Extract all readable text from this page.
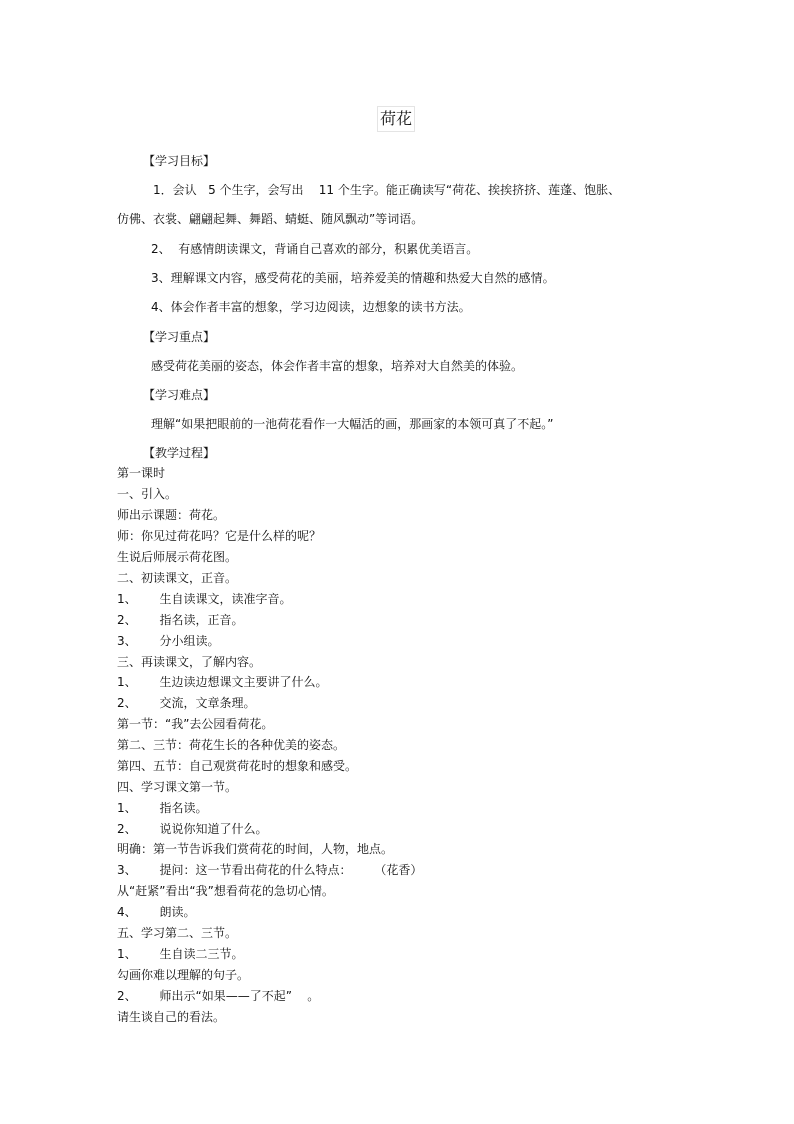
荷花
【学习目标】
1．会认   5 个生字，会写出    11 个生字。能正确读写“荷花、挨挨挤挤、莲蓬、饱胀、
仿佛、衣裳、翩翩起舞、舞蹈、蜻蜓、随风飘动”等词语。
2、  有感情朗读课文，背诵自己喜欢的部分，积累优美语言。
3、理解课文内容，感受荷花的美丽，培养爱美的情趣和热爱大自然的感情。
4、体会作者丰富的想象，学习边阅读，边想象的读书方法。
【学习重点】
感受荷花美丽的姿态，体会作者丰富的想象，培养对大自然美的体验。
【学习难点】
理解“如果把眼前的一池荷花看作一大幅活的画，那画家的本领可真了不起。”
【教学过程】
第一课时
一、引入。
师出示课题：荷花。
师：你见过荷花吗？它是什么样的呢？
生说后师展示荷花图。
二、初读课文，正音。
1、      生自读课文，读准字音。
2、      指名读，正音。
3、      分小组读。
三、再读课文，了解内容。
1、      生边读边想课文主要讲了什么。
2、      交流，文章条理。
第一节：“我”去公园看荷花。
第二、三节：荷花生长的各种优美的姿态。
第四、五节：自己观赏荷花时的想象和感受。
四、学习课文第一节。
1、      指名读。
2、      说说你知道了什么。
明确：第一节告诉我们赏荷花的时间，人物，地点。
3、      提问：这一节看出荷花的什么特点：      （花香）
从“赶紧”看出“我”想看荷花的急切心情。
4、      朗读。
五、学习第二、三节。
1、      生自读二三节。
勾画你难以理解的句子。
2、      师出示“如果——了不起”    。
请生谈自己的看法。
